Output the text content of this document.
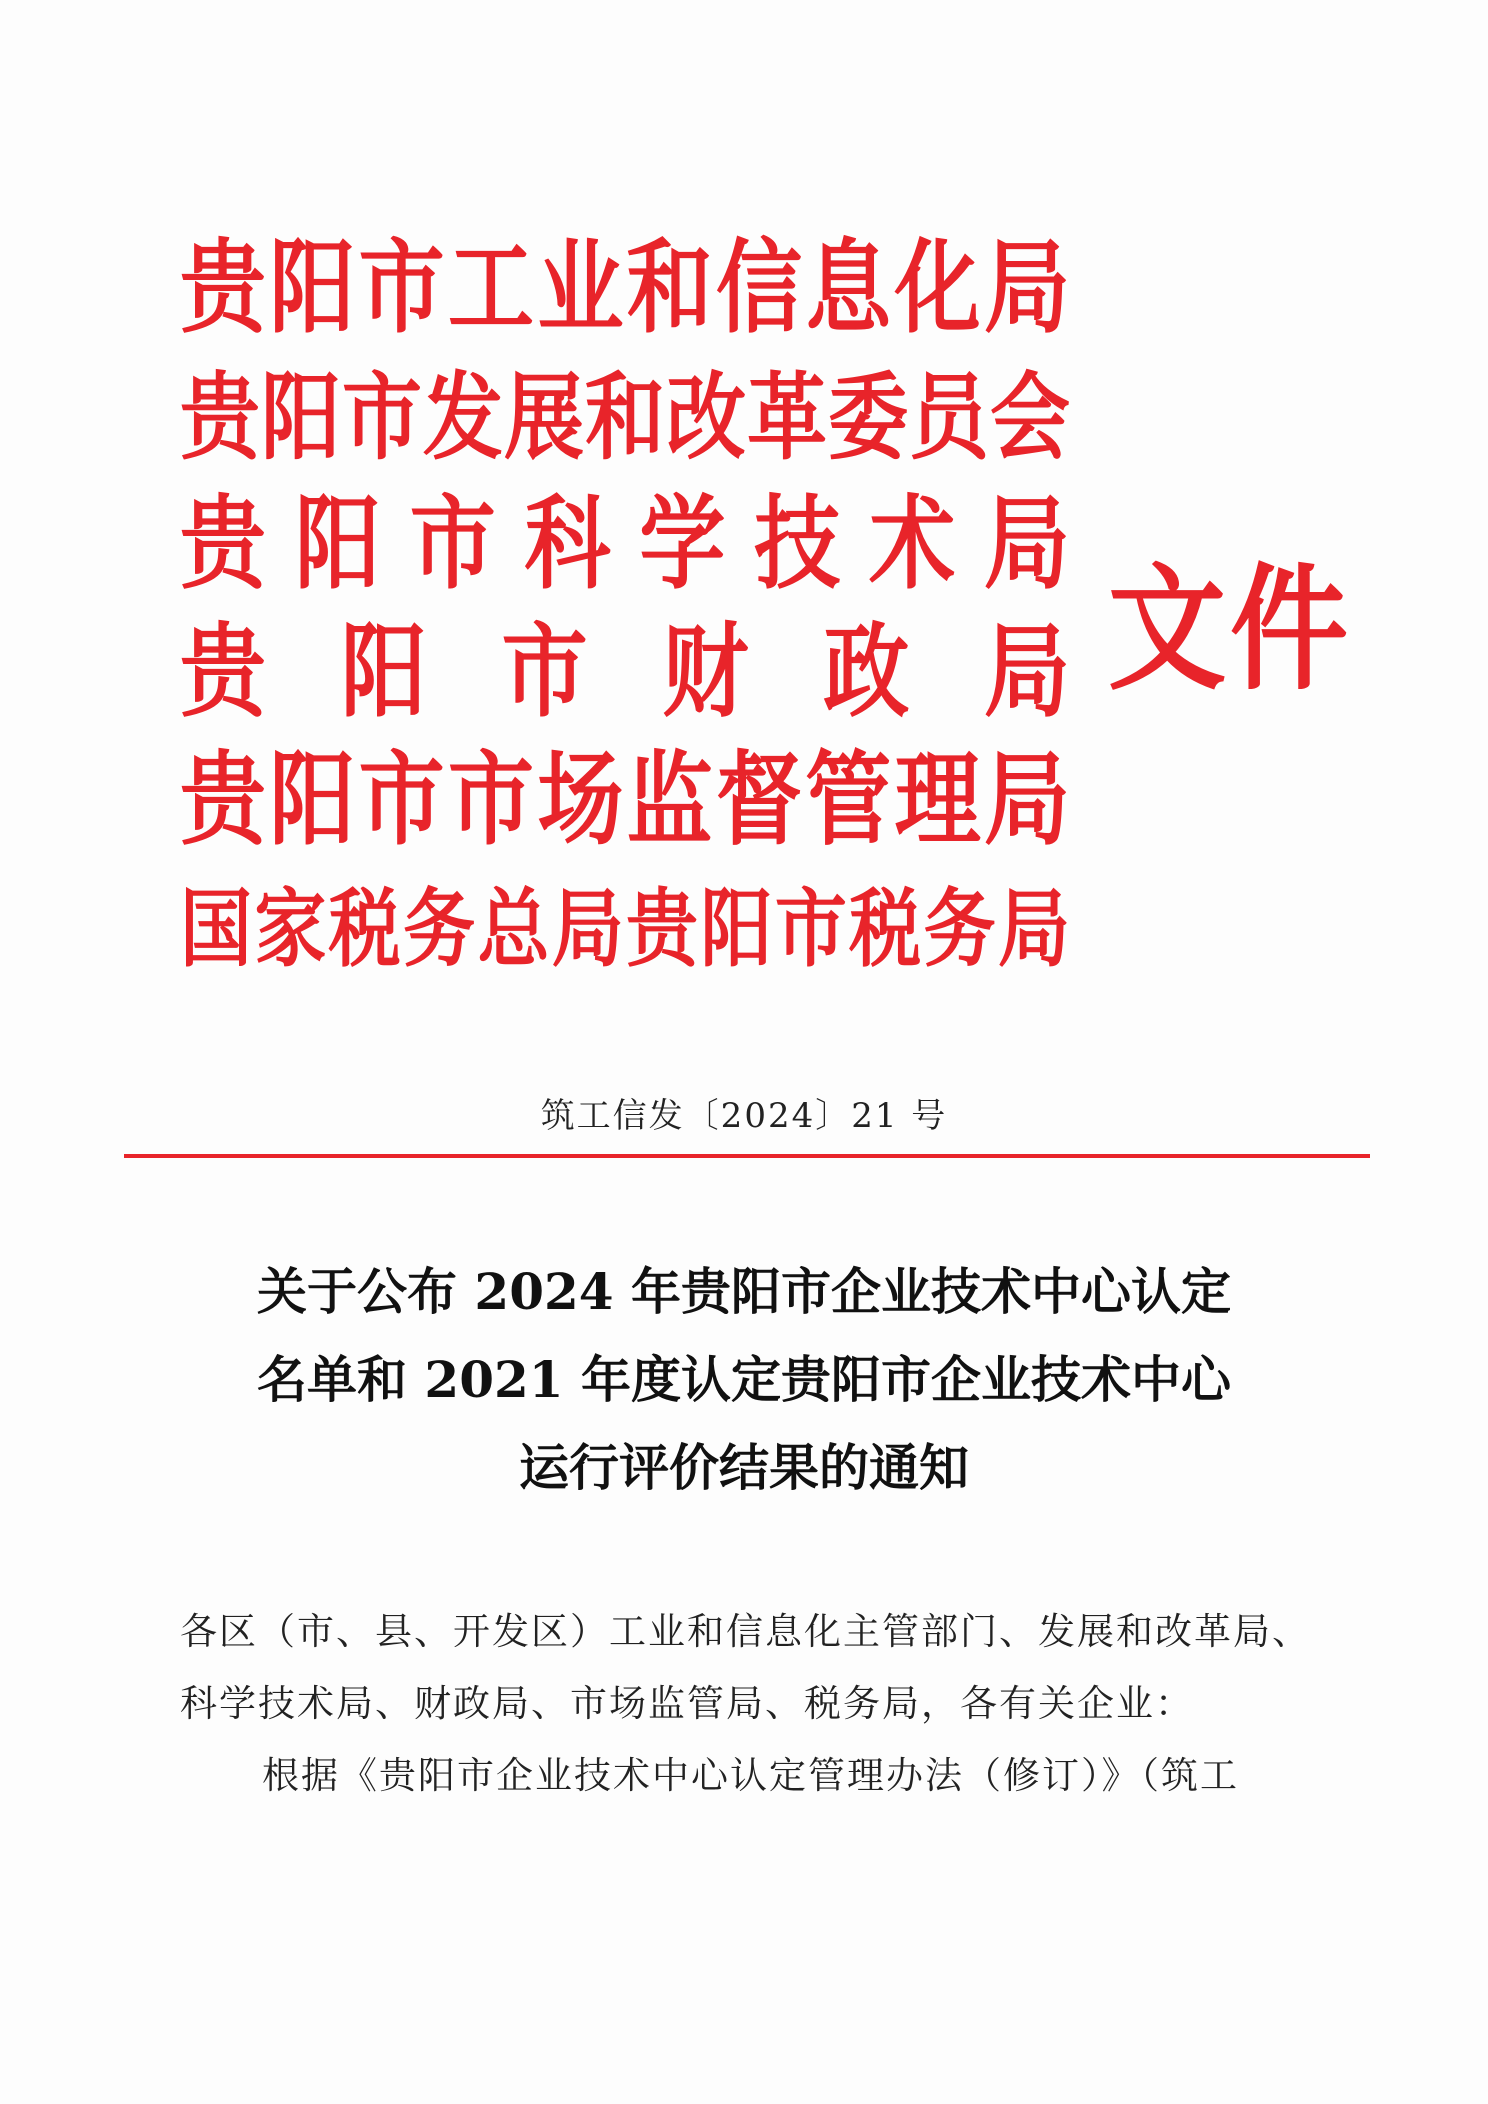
贵 阳 市 工 业 和 信 息 化 局
贵 阳 市 发 展 和 改 革 委 员 会
贵 阳 市 科 学 技 术 局
贵 阳 市 财 政 局
贵 阳 市 市 场 监 督 管 理 局
国 家 税 务 总 局 贵 阳 市 税 务 局
文件
筑工信发〔2024〕21 号
关于公布 2024 年贵阳市企业技术中心认定
名单和 2021 年度认定贵阳市企业技术中心
运行评价结果的通知
各区（市、县、开发区）工业和信息化主管部门、发展和改革局、
科学技术局、财政局、市场监管局、税务局，各有关企业：
根据《贵阳市企业技术中心认定管理办法（修订）》（筑工
